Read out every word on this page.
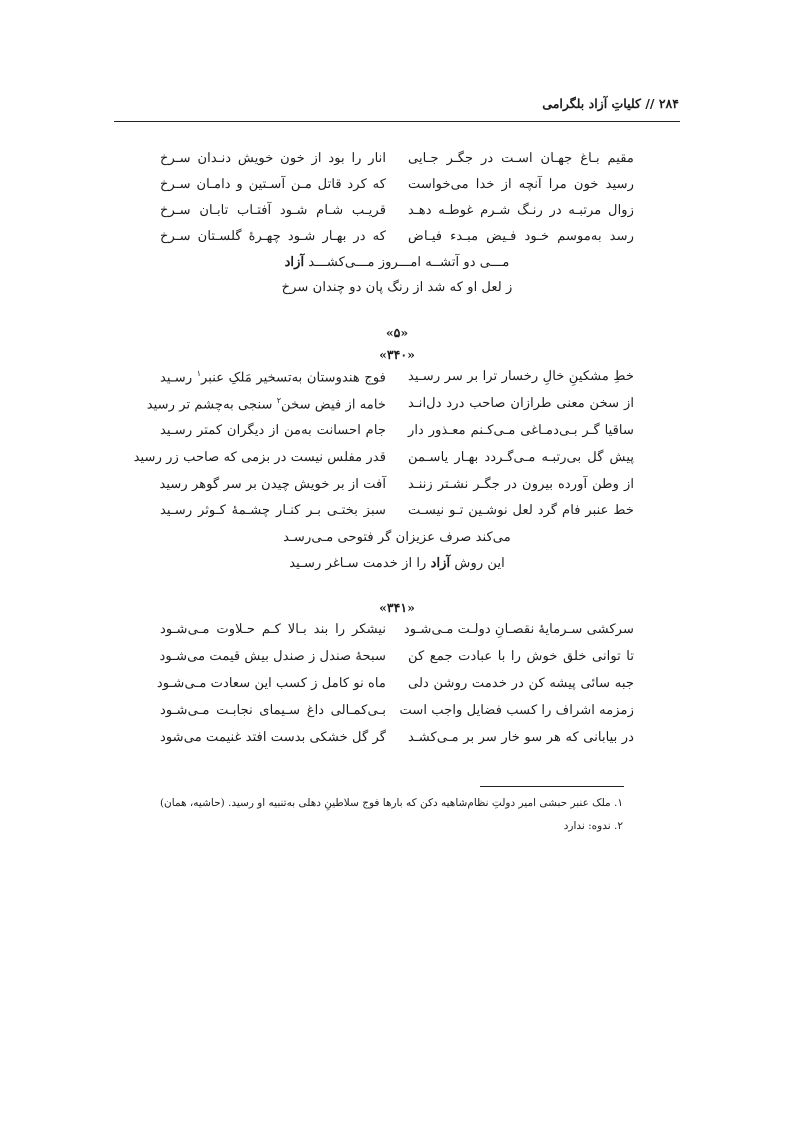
۲۸۴ // کلیاتِ آزاد بلگرامی
مقیم بـاغ جهـان اسـت در جگـر جـایی
انار را بود از خون خویش دنـدان سـرخ
رسید خون مرا آنچه از خدا می‌خواست
که کرد قاتل مـن آسـتین و دامـان سـرخ
زوال مرتبـه در رنـگ شـرم غوطـه دهـد
قریـب شـام شـود آفتـاب تابـان سـرخ
رسد به‌موسم خـود فـیض مبـدء فیـاض
که در بهـار شـود چهـرهٔ گلسـتان سـرخ
مـــی دو آتشــه امـــروز مـــی‌کشـــد آزاد
ز لعل او که شد از رنگ پان دو چندان سرخ
«۵»
«۳۴۰»
خطِ مشکینِ خالِ رخسار ترا بر سر رسـید
فوج هندوستان به‌تسخیر مَلکِ عنبر$^۱$ رسـید
از سخن معنی طرازان صاحب درد دل‌انـد
خامه از فیض سخن$^۲$ سنجی به‌چشم تر رسید
ساقیا گـر بـی‌دمـاغی مـی‌کـنم معـذور دار
جام احسانت به‌من از دیگران کمتر رسـید
پیش گل بی‌رتبـه مـی‌گـردد بهـار یاسـمن
قدر مفلس نیست در بزمی که صاحب زر رسید
از وطن آورده بیرون در جگـر نشـتر زننـد
آفت از بر خویش چیدن بر سر گوهر رسید
خط عنبر فام گرد لعل نوشـین تـو نیسـت
سبز بختـی بـر کنـار چشـمهٔ کـوثر رسـید
می‌کند صرف عزیزان گر فتوحی مـی‌رسـد
این روش آزاد را از خدمت سـاغر رسـید
«۳۴۱»
سرکشی سـرمایهٔ نقصـانِ دولـت مـی‌شـود
نیشکر را بند بـالا کـم حـلاوت مـی‌شـود
تا توانی خلق خوش را با عبادت جمع کن
سبحهٔ صندل ز صندل بیش قیمت می‌شـود
جبه سائی پیشه کن در خدمت روشن دلی
ماه نو کامل ز کسب این سعادت مـی‌شـود
زمزمه اشراف را کسب فضایل واجب است
بـی‌کمـالی داغ سـیمای نجابـت مـی‌شـود
در بیابانی که هر سو خار سر بر مـی‌کشـد
گر گل خشکی بدست افتد غنیمت می‌شود
۱. ملک عنبر حبشی امیر دولتِ نظام‌شاهیه دکن که بارها فوج سلاطینِ دهلی به‌تنبیه او رسید. (حاشیه، همان)
۲. ندوه: ندارد
